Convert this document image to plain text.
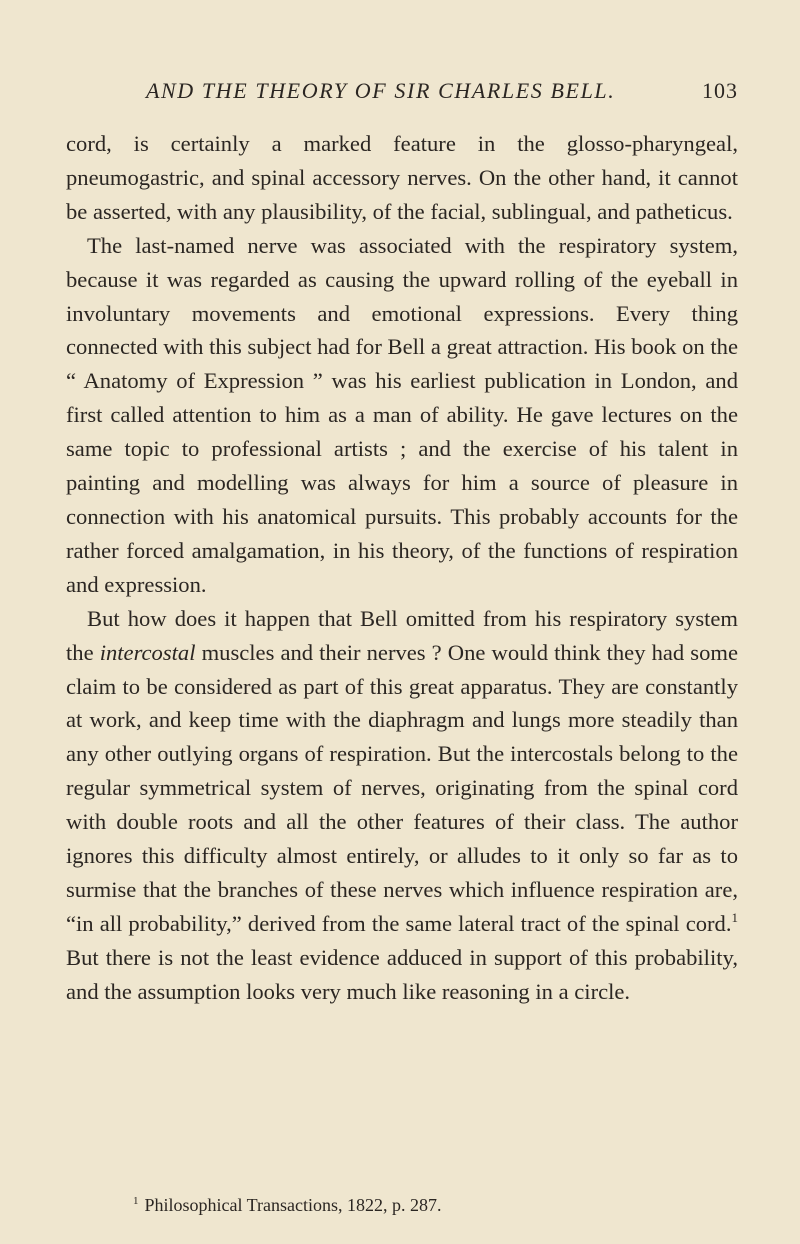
AND THE THEORY OF SIR CHARLES BELL.	103

cord, is certainly a marked feature in the glosso-pharyngeal, pneumogastric, and spinal accessory nerves. On the other hand, it cannot be asserted, with any plausibility, of the facial, sublingual, and patheticus.

The last-named nerve was associated with the respiratory system, because it was regarded as causing the upward rolling of the eyeball in involuntary movements and emotional expressions. Every thing connected with this subject had for Bell a great attraction. His book on the “ Anatomy of Expression ” was his earliest publication in London, and first called attention to him as a man of ability. He gave lectures on the same topic to professional artists ; and the exercise of his talent in painting and modelling was always for him a source of pleasure in connection with his anatomical pursuits. This probably accounts for the rather forced amalgamation, in his theory, of the functions of respiration and expression.

But how does it happen that Bell omitted from his respiratory system the intercostal muscles and their nerves ? One would think they had some claim to be considered as part of this great apparatus. They are constantly at work, and keep time with the diaphragm and lungs more steadily than any other outlying organs of respiration. But the intercostals belong to the regular symmetrical system of nerves, originating from the spinal cord with double roots and all the other features of their class. The author ignores this difficulty almost entirely, or alludes to it only so far as to surmise that the branches of these nerves which influence respiration are, “in all probability,” derived from the same lateral tract of the spinal cord.$^1$ But there is not the least evidence adduced in support of this probability, and the assumption looks very much like reasoning in a circle.

$^1$ Philosophical Transactions, 1822, p. 287.
